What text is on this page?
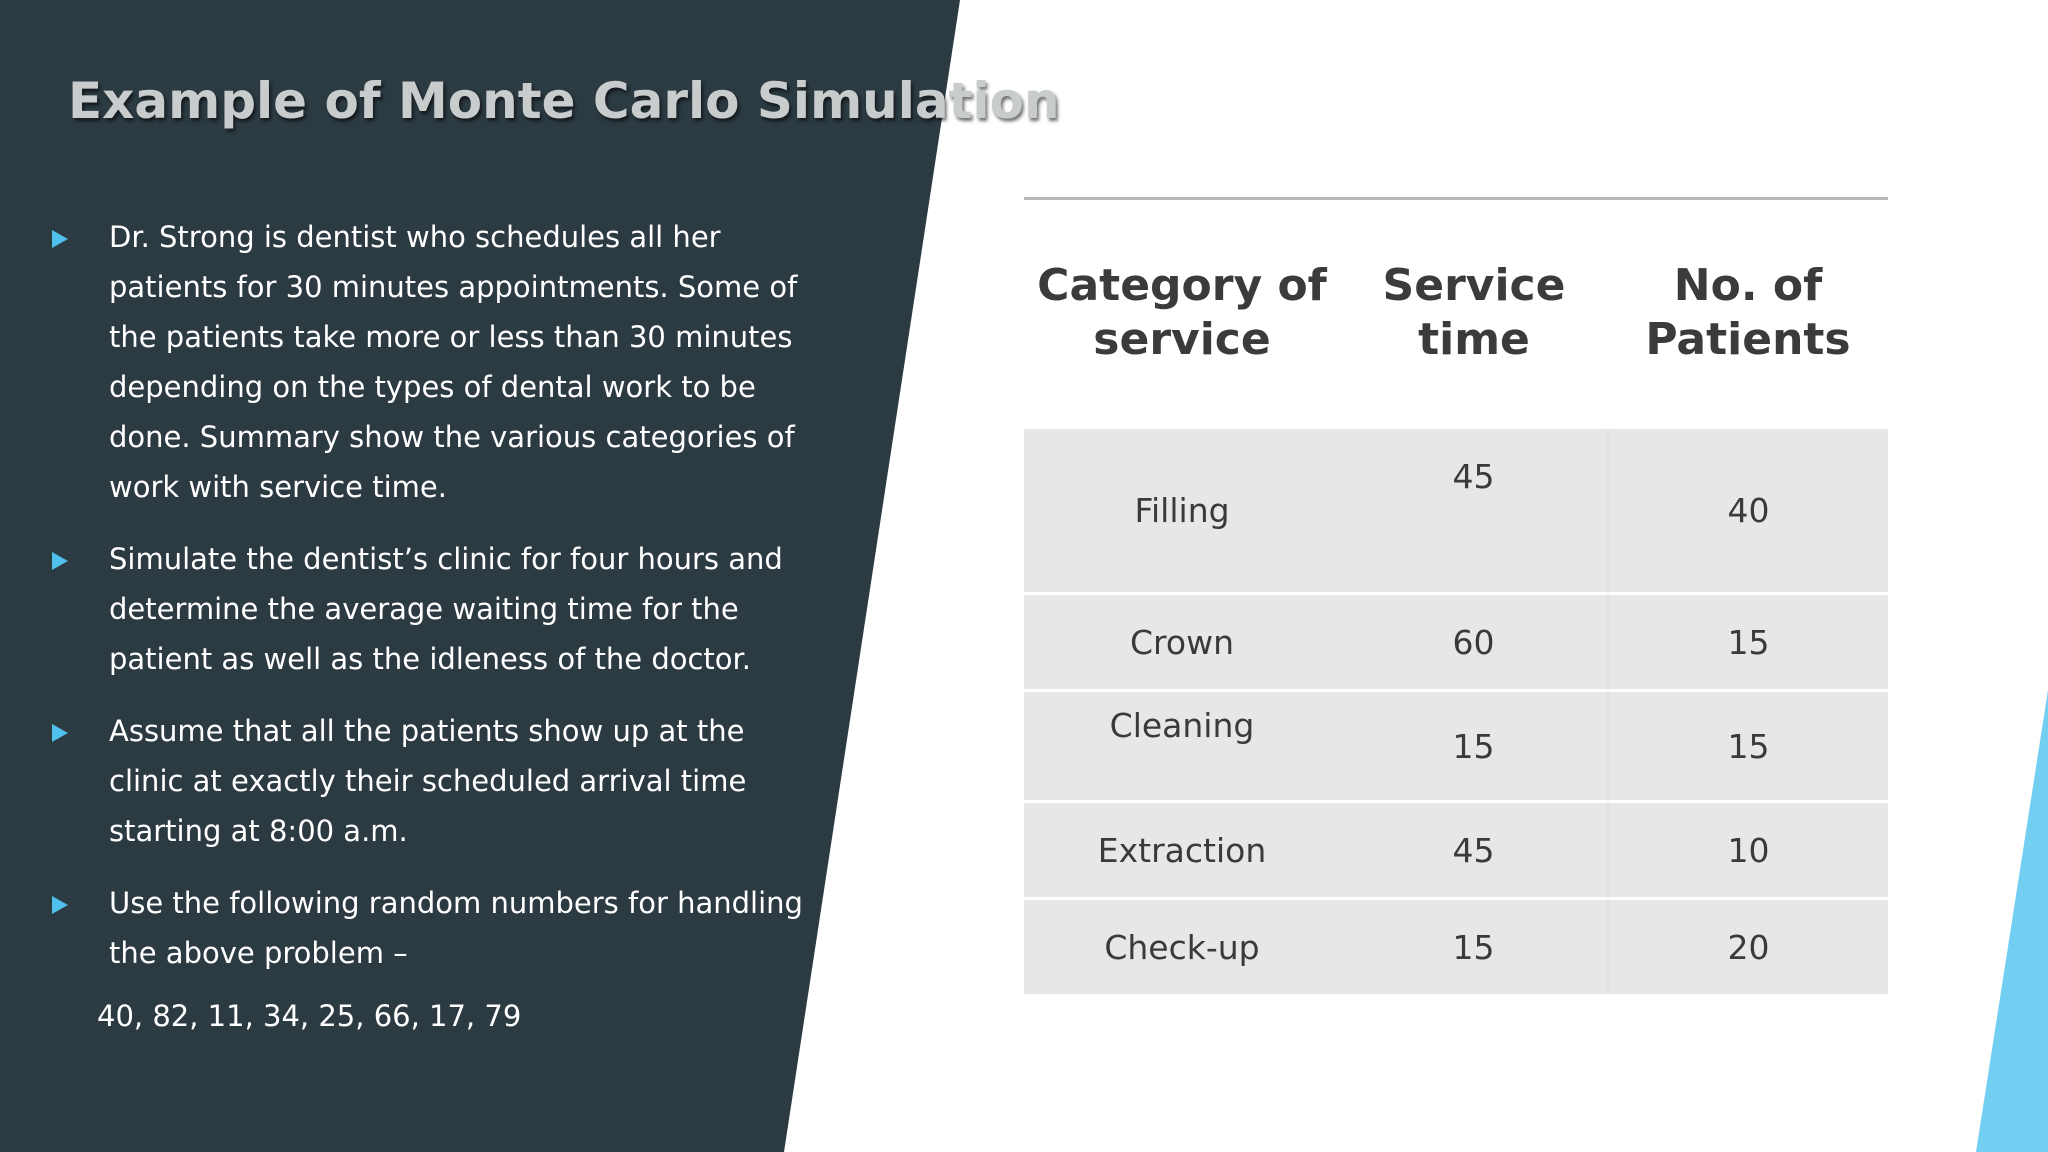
Example of Monte Carlo Simulation
Dr. Strong is dentist who schedules all her patients for 30 minutes appointments. Some of the patients take more or less than 30 minutes depending on the types of dental work to be done. Summary show the various categories of work with service time.
Simulate the dentist’s clinic for four hours and determine the average waiting time for the patient as well as the idleness of the doctor.
Assume that all the patients show up at the clinic at exactly their scheduled arrival time starting at 8:00 a.m.
Use the following random numbers for handling the above problem –

40, 82, 11, 34, 25, 66, 17, 79

Category of service	Service time	No. of Patients
Filling	45	40
Crown	60	15
Cleaning	15	15
Extraction	45	10
Check-up	15	20
